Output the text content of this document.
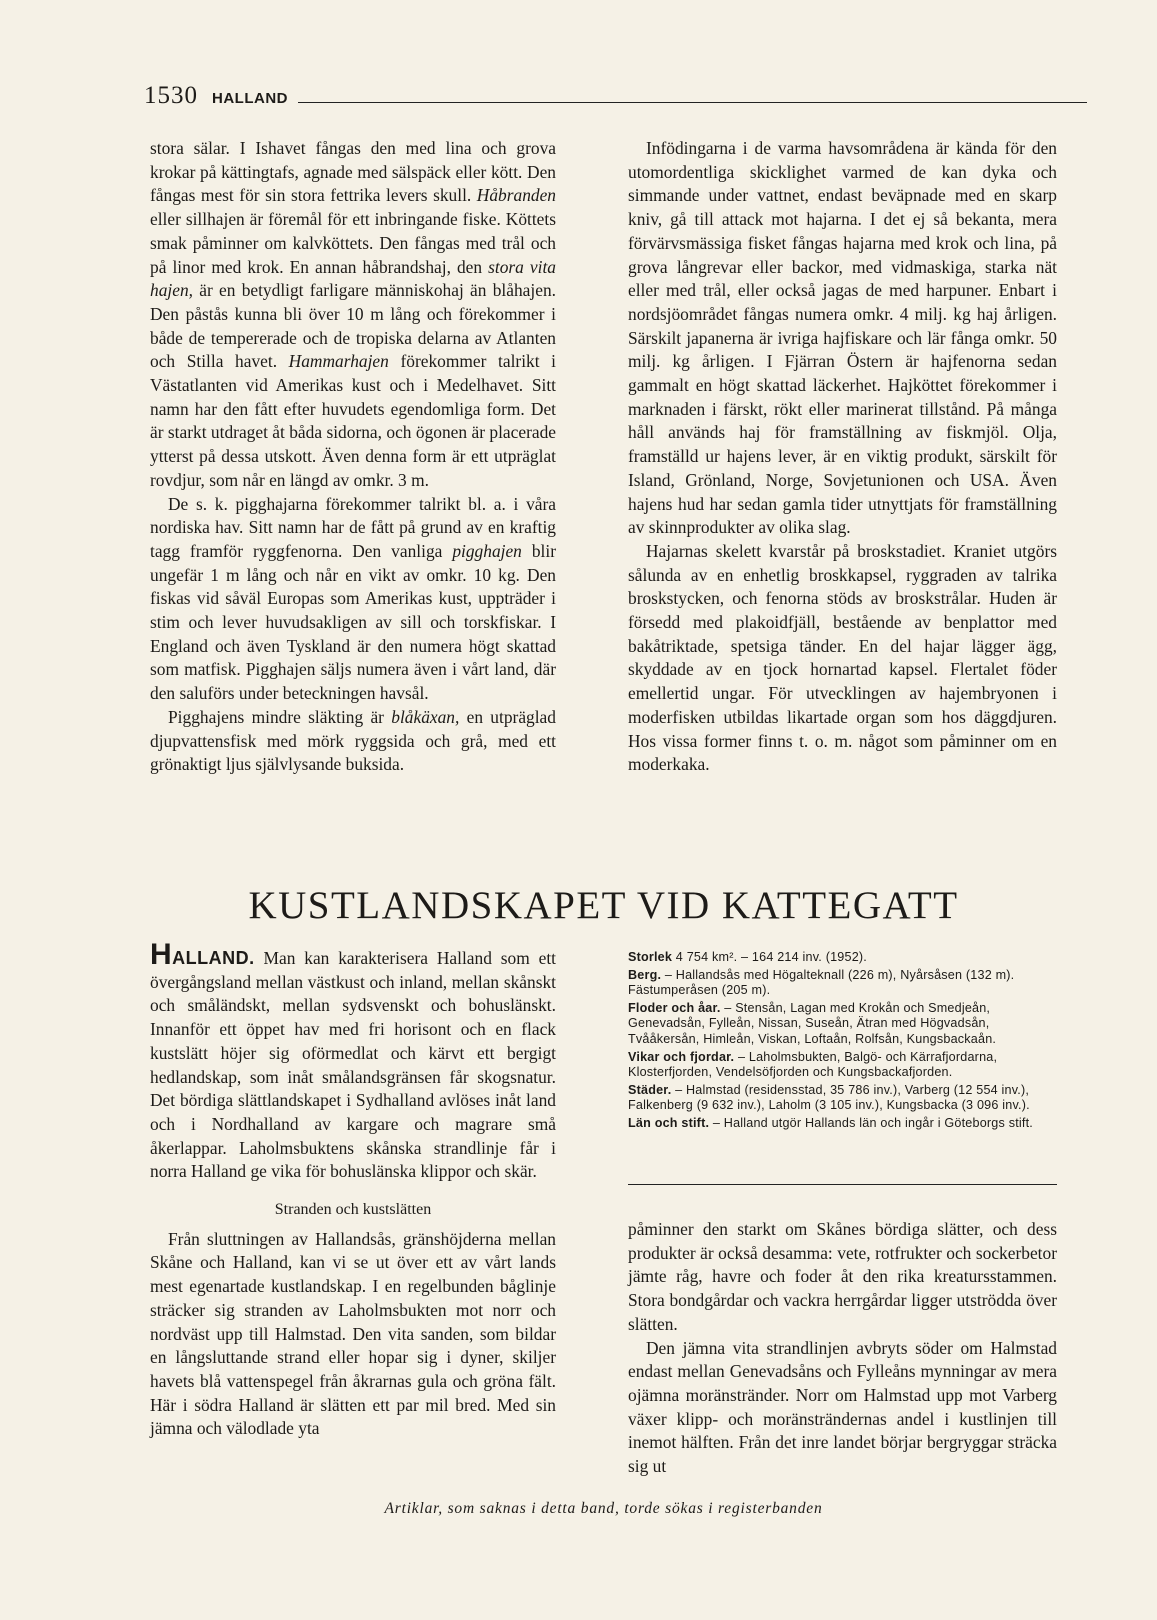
1530 HALLAND

stora sälar. I Ishavet fångas den med lina och grova krokar på kättingtafs, agnade med sälspäck eller kött. Den fångas mest för sin stora fettrika levers skull. Håbranden eller sillhajen är föremål för ett inbringande fiske. Köttets smak påminner om kalvköttets. Den fångas med trål och på linor med krok. En annan håbrandshaj, den stora vita hajen, är en betydligt farligare människohaj än blåhajen. Den påstås kunna bli över 10 m lång och förekommer i både de tempererade och de tropiska delarna av Atlanten och Stilla havet. Hammarhajen förekommer talrikt i Västatlanten vid Amerikas kust och i Medelhavet. Sitt namn har den fått efter huvudets egendomliga form. Det är starkt utdraget åt båda sidorna, och ögonen är placerade ytterst på dessa utskott. Även denna form är ett utpräglat rovdjur, som når en längd av omkr. 3 m.

De s. k. pigghajarna förekommer talrikt bl. a. i våra nordiska hav. Sitt namn har de fått på grund av en kraftig tagg framför ryggfenorna. Den vanliga pigghajen blir ungefär 1 m lång och når en vikt av omkr. 10 kg. Den fiskas vid såväl Europas som Amerikas kust, uppträder i stim och lever huvudsakligen av sill och torskfiskar. I England och även Tyskland är den numera högt skattad som matfisk. Pigghajen säljs numera även i vårt land, där den saluförs under beteckningen havsål.

Pigghajens mindre släkting är blåkäxan, en utpräglad djupvattensfisk med mörk ryggsida och grå, med ett grönaktigt ljus självlysande buksida.

Infödingarna i de varma havsområdena är kända för den utomordentliga skicklighet varmed de kan dyka och simmande under vattnet, endast beväpnade med en skarp kniv, gå till attack mot hajarna. I det ej så bekanta, mera förvärvsmässiga fisket fångas hajarna med krok och lina, på grova långrevar eller backor, med vidmaskiga, starka nät eller med trål, eller också jagas de med harpuner. Enbart i nordsjöområdet fångas numera omkr. 4 milj. kg haj årligen. Särskilt japanerna är ivriga hajfiskare och lär fånga omkr. 50 milj. kg årligen. I Fjärran Östern är hajfenorna sedan gammalt en högt skattad läckerhet. Hajköttet förekommer i marknaden i färskt, rökt eller marinerat tillstånd. På många håll används haj för framställning av fiskmjöl. Olja, framställd ur hajens lever, är en viktig produkt, särskilt för Island, Grönland, Norge, Sovjetunionen och USA. Även hajens hud har sedan gamla tider utnyttjats för framställning av skinnprodukter av olika slag.

Hajarnas skelett kvarstår på broskstadiet. Kraniet utgörs sålunda av en enhetlig broskkapsel, ryggraden av talrika broskstycken, och fenorna stöds av broskstrålar. Huden är försedd med plakoidfjäll, bestående av benplattor med bakåtriktade, spetsiga tänder. En del hajar lägger ägg, skyddade av en tjock hornartad kapsel. Flertalet föder emellertid ungar. För utvecklingen av hajembryonen i moderfisken utbildas likartade organ som hos däggdjuren. Hos vissa former finns t. o. m. något som påminner om en moderkaka.

KUSTLANDSKAPET VID KATTEGATT

HALLAND. Man kan karakterisera Halland som ett övergångsland mellan västkust och inland, mellan skånskt och småländskt, mellan sydsvenskt och bohuslänskt. Innanför ett öppet hav med fri horisont och en flack kustslätt höjer sig oförmedlat och kärvt ett bergigt hedlandskap, som inåt smålandsgränsen får skogsnatur. Det bördiga slättlandskapet i Sydhalland avlöses inåt land och i Nordhalland av kargare och magrare små åkerlappar. Laholmsbuktens skånska strandlinje får i norra Halland ge vika för bohuslänska klippor och skär.

Stranden och kustslätten

Från sluttningen av Hallandsås, gränshöjderna mellan Skåne och Halland, kan vi se ut över ett av vårt lands mest egenartade kustlandskap. I en regelbunden båglinje sträcker sig stranden av Laholmsbukten mot norr och nordväst upp till Halmstad. Den vita sanden, som bildar en långsluttande strand eller hopar sig i dyner, skiljer havets blå vattenspegel från åkrarnas gula och gröna fält. Här i södra Halland är slätten ett par mil bred. Med sin jämna och välodlade yta

Storlek 4 754 km². – 164 214 inv. (1952).

Berg. – Hallandsås med Högalteknall (226 m), Nyårsåsen (132 m). Fästumperåsen (205 m).

Floder och åar. – Stensån, Lagan med Krokån och Smedjeån, Genevadsån, Fylleån, Nissan, Suseån, Ätran med Högvadsån, Tvååkersån, Himleån, Viskan, Loftaån, Rolfsån, Kungsbackaån.

Vikar och fjordar. – Laholmsbukten, Balgö- och Kärrafjordarna, Klosterfjorden, Vendelsöfjorden och Kungsbackafjorden.

Städer. – Halmstad (residensstad, 35 786 inv.), Varberg (12 554 inv.), Falkenberg (9 632 inv.), Laholm (3 105 inv.), Kungsbacka (3 096 inv.).

Län och stift. – Halland utgör Hallands län och ingår i Göteborgs stift.

påminner den starkt om Skånes bördiga slätter, och dess produkter är också desamma: vete, rotfrukter och sockerbetor jämte råg, havre och foder åt den rika kreatursstammen. Stora bondgårdar och vackra herrgårdar ligger utströdda över slätten.

Den jämna vita strandlinjen avbryts söder om Halmstad endast mellan Genevadsåns och Fylleåns mynningar av mera ojämna moränstränder. Norr om Halmstad upp mot Varberg växer klipp- och moränsträndernas andel i kustlinjen till inemot hälften. Från det inre landet börjar bergryggar sträcka sig ut

Artiklar, som saknas i detta band, torde sökas i registerbanden
